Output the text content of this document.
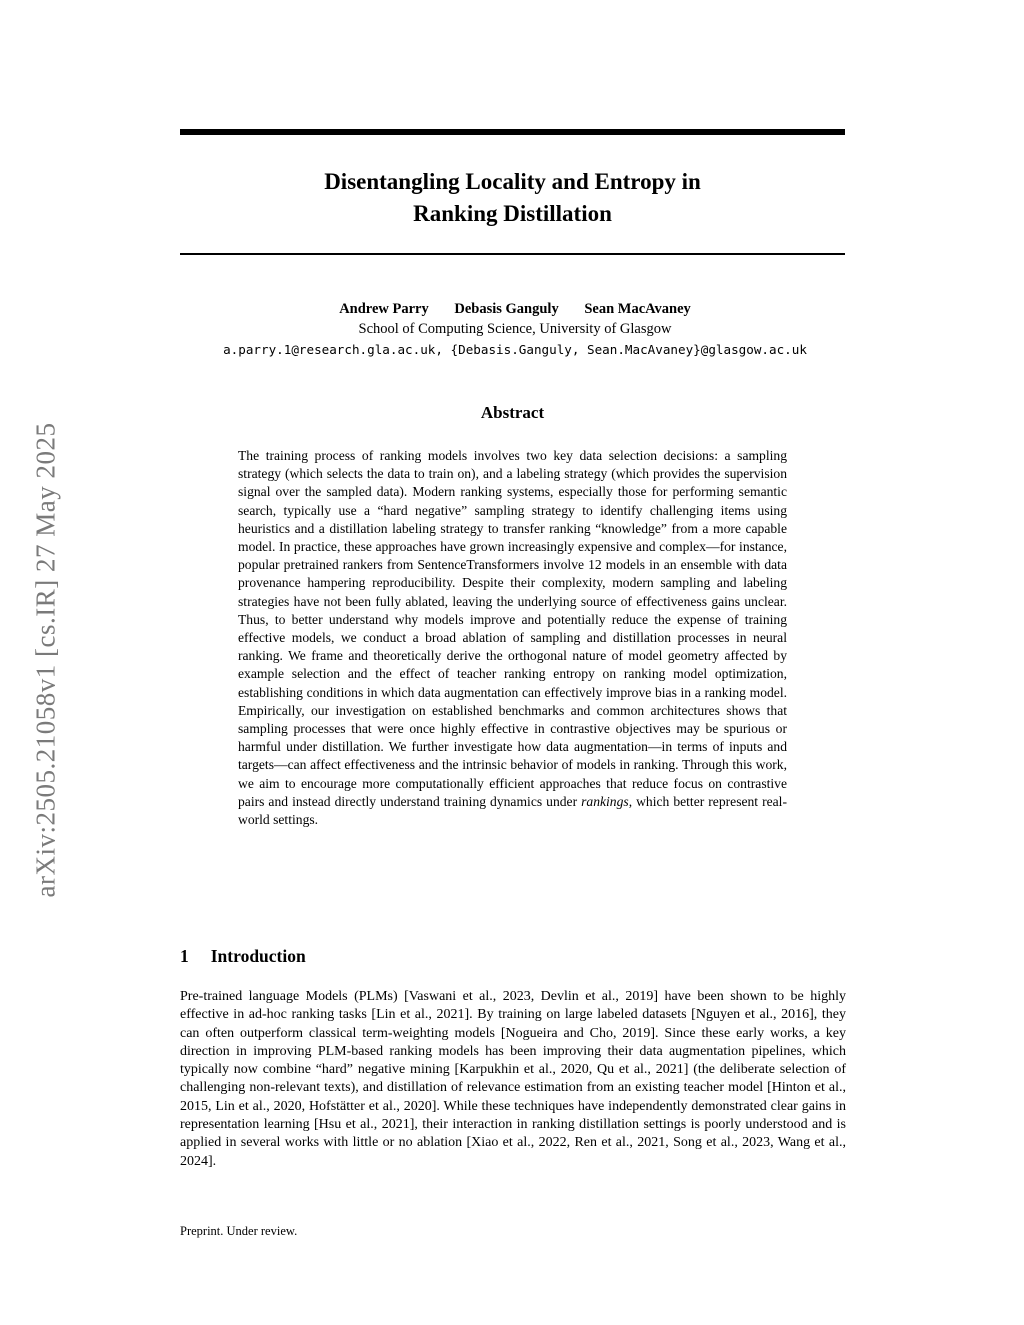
arXiv:2505.21058v1 [cs.IR] 27 May 2025
Disentangling Locality and Entropy in
Ranking Distillation
Andrew Parry Debasis Ganguly Sean MacAvaney
School of Computing Science, University of Glasgow
a.parry.1@research.gla.ac.uk, {Debasis.Ganguly, Sean.MacAvaney}@glasgow.ac.uk
Abstract

The training process of ranking models involves two key data selection decisions: a sampling strategy (which selects the data to train on), and a labeling strategy (which provides the supervision signal over the sampled data). Modern ranking systems, especially those for performing semantic search, typically use a “hard negative” sampling strategy to identify challenging items using heuristics and a distillation labeling strategy to transfer ranking “knowledge” from a more capable model. In practice, these approaches have grown increasingly expensive and complex—for instance, popular pretrained rankers from SentenceTransformers involve 12 models in an ensemble with data provenance hampering reproducibility. Despite their complexity, modern sampling and labeling strategies have not been fully ablated, leaving the underlying source of effectiveness gains unclear. Thus, to better understand why models improve and potentially reduce the expense of training effective models, we conduct a broad ablation of sampling and distillation processes in neural ranking. We frame and theoretically derive the orthogonal nature of model geometry affected by example selection and the effect of teacher ranking entropy on ranking model optimization, establishing conditions in which data augmentation can effectively improve bias in a ranking model. Empirically, our investigation on established benchmarks and common architectures shows that sampling processes that were once highly effective in contrastive objectives may be spurious or harmful under distillation. We further investigate how data augmentation—in terms of inputs and targets—can affect effectiveness and the intrinsic behavior of models in ranking. Through this work, we aim to encourage more computationally efficient approaches that reduce focus on contrastive pairs and instead directly understand training dynamics under rankings, which better represent real-world settings.

1 Introduction

Pre-trained language Models (PLMs) [Vaswani et al., 2023, Devlin et al., 2019] have been shown to be highly effective in ad-hoc ranking tasks [Lin et al., 2021]. By training on large labeled datasets [Nguyen et al., 2016], they can often outperform classical term-weighting models [Nogueira and Cho, 2019]. Since these early works, a key direction in improving PLM-based ranking models has been improving their data augmentation pipelines, which typically now combine “hard” negative mining [Karpukhin et al., 2020, Qu et al., 2021] (the deliberate selection of challenging non-relevant texts), and distillation of relevance estimation from an existing teacher model [Hinton et al., 2015, Lin et al., 2020, Hofstätter et al., 2020]. While these techniques have independently demonstrated clear gains in representation learning [Hsu et al., 2021], their interaction in ranking distillation settings is poorly understood and is applied in several works with little or no ablation [Xiao et al., 2022, Ren et al., 2021, Song et al., 2023, Wang et al., 2024].

Preprint. Under review.
